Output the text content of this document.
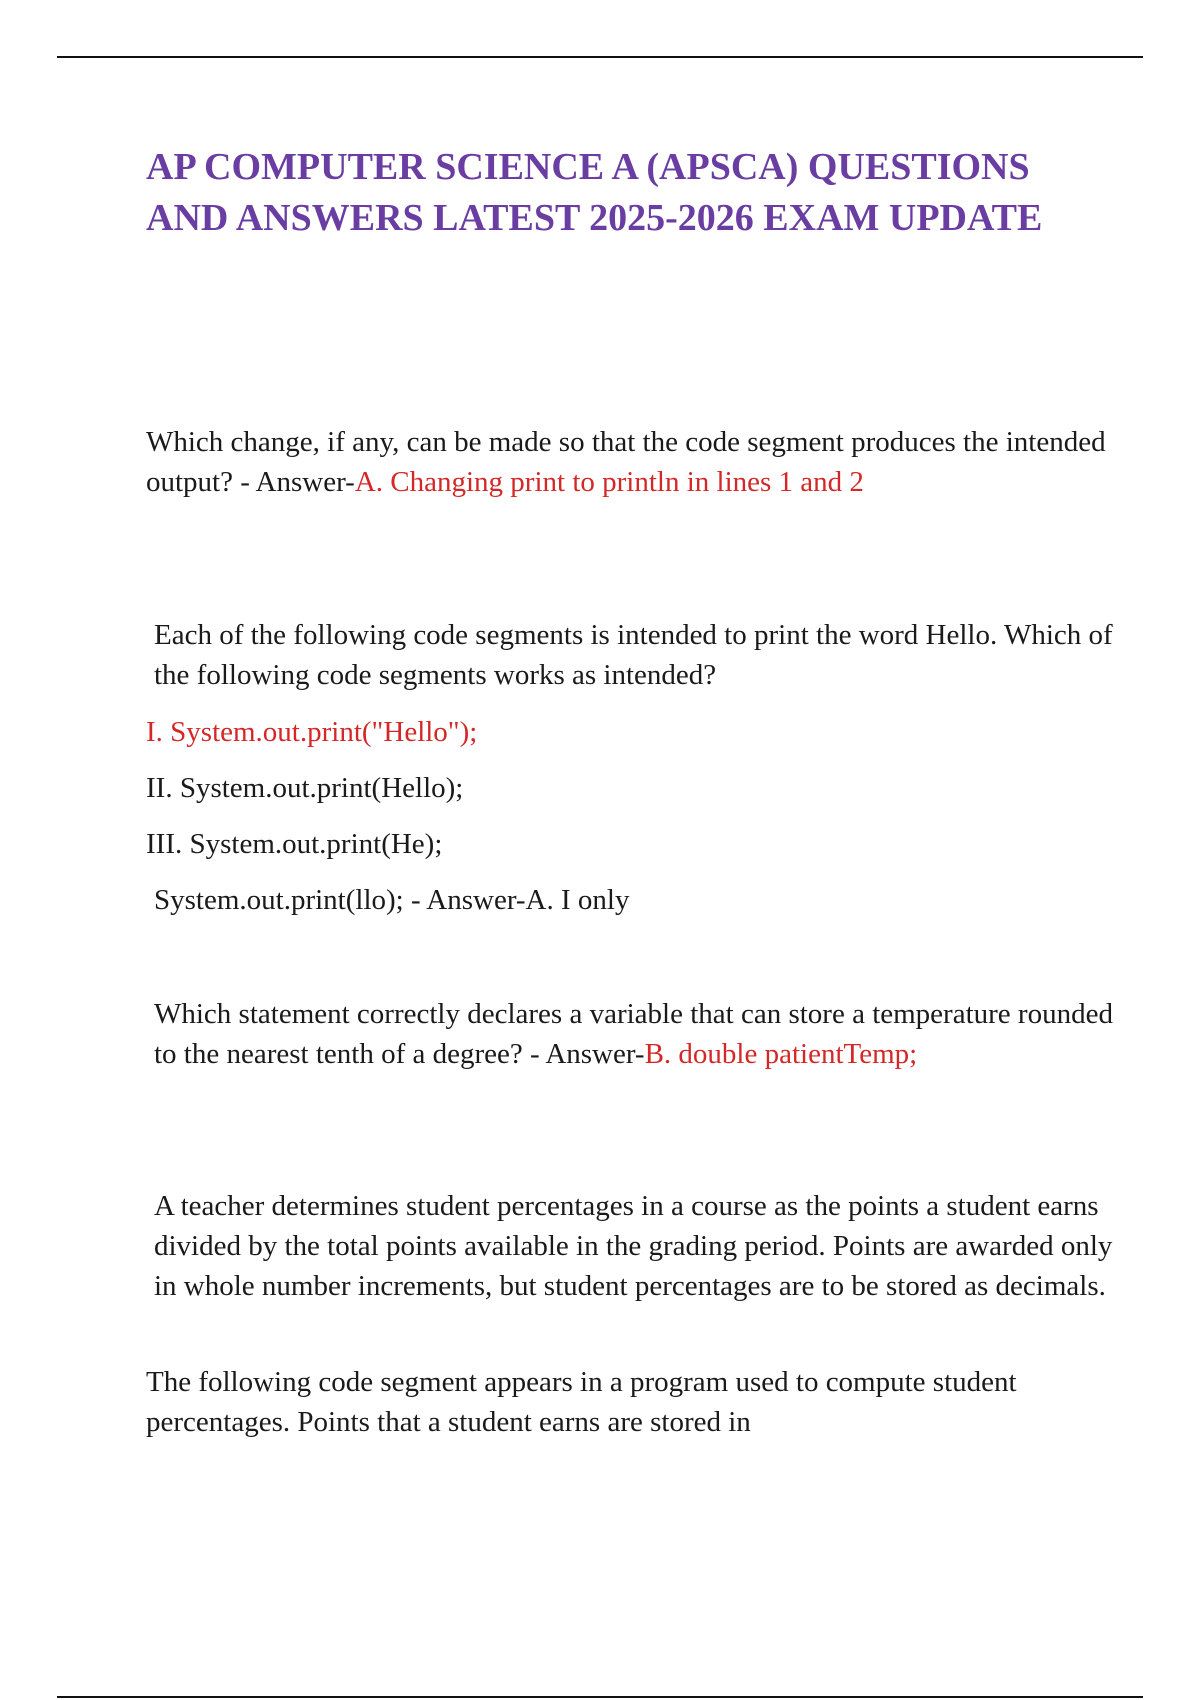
AP COMPUTER SCIENCE A (APSCA) QUESTIONS AND ANSWERS LATEST 2025-2026 EXAM UPDATE

Which change, if any, can be made so that the code segment produces the intended output? - Answer-A. Changing print to println in lines 1 and 2

Each of the following code segments is intended to print the word Hello. Which of the following code segments works as intended?

I. System.out.print("Hello");

II. System.out.print(Hello);

III. System.out.print(He);

System.out.print(llo); - Answer-A. I only

Which statement correctly declares a variable that can store a temperature rounded to the nearest tenth of a degree? - Answer-B. double patientTemp;

A teacher determines student percentages in a course as the points a student earns divided by the total points available in the grading period. Points are awarded only in whole number increments, but student percentages are to be stored as decimals.

The following code segment appears in a program used to compute student percentages. Points that a student earns are stored in
